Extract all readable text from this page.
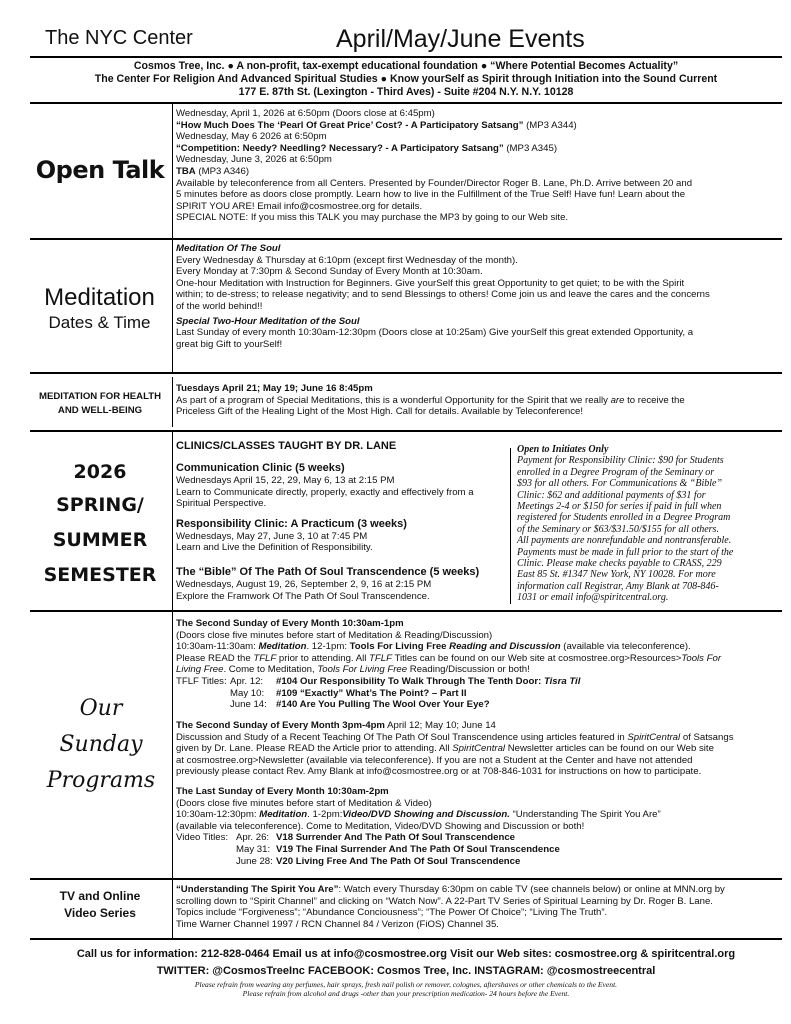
The NYC Center	April/May/June Events
Cosmos Tree, Inc. ● A non-profit, tax-exempt educational foundation ● “Where Potential Becomes Actuality”
The Center For Religion And Advanced Spiritual Studies ● Know yourSelf as Spirit through Initiation into the Sound Current
177 E. 87th St. (Lexington - Third Aves) - Suite #204 N.Y. N.Y. 10128
Open Talk
Wednesday, April 1, 2026 at 6:50pm (Doors close at 6:45pm)
“How Much Does The ‘Pearl Of Great Price’ Cost? - A Participatory Satsang” (MP3 A344)
Wednesday, May 6 2026 at 6:50pm
“Competition: Needy? Needling? Necessary? - A Participatory Satsang” (MP3 A345)
Wednesday, June 3, 2026 at 6:50pm
TBA (MP3 A346)
Available by teleconference from all Centers. Presented by Founder/Director Roger B. Lane, Ph.D. Arrive between 20 and
5 minutes before as doors close promptly. Learn how to live in the Fulfillment of the True Self! Have fun! Learn about the
SPIRIT YOU ARE! Email info@cosmostree.org for details.
SPECIAL NOTE: If you miss this TALK you may purchase the MP3 by going to our Web site.
Meditation
Dates & Time
Meditation Of The Soul
Every Wednesday & Thursday at 6:10pm (except first Wednesday of the month).
Every Monday at 7:30pm & Second Sunday of Every Month at 10:30am.
One-hour Meditation with Instruction for Beginners. Give yourSelf this great Opportunity to get quiet; to be with the Spirit
within; to de-stress; to release negativity; and to send Blessings to others! Come join us and leave the cares and the concerns
of the world behind!!
Special Two-Hour Meditation of the Soul
Last Sunday of every month 10:30am-12:30pm (Doors close at 10:25am) Give yourSelf this great extended Opportunity, a
great big Gift to yourSelf!
MEDITATION FOR HEALTH
AND WELL-BEING
Tuesdays April 21; May 19; June 16 8:45pm
As part of a program of Special Meditations, this is a wonderful Opportunity for the Spirit that we really are to receive the
Priceless Gift of the Healing Light of the Most High. Call for details. Available by Teleconference!
2026
SPRING/
SUMMER
SEMESTER
CLINICS/CLASSES TAUGHT BY DR. LANE
Communication Clinic (5 weeks)
Wednesdays April 15, 22, 29, May 6, 13 at 2:15 PM
Learn to Communicate directly, properly, exactly and effectively from a
Spiritual Perspective.
Responsibility Clinic: A Practicum (3 weeks)
Wednesdays, May 27, June 3, 10 at 7:45 PM
Learn and Live the Definition of Responsibility.
The “Bible” Of The Path Of Soul Transcendence (5 weeks)
Wednesdays, August 19, 26, September 2, 9, 16 at 2:15 PM
Explore the Framwork Of The Path Of Soul Transcendence.
Open to Initiates Only
Payment for Responsibility Clinic: $90 for Students
enrolled in a Degree Program of the Seminary or
$93 for all others. For Communications & “Bible”
Clinic: $62 and additional payments of $31 for
Meetings 2-4 or $150 for series if paid in full when
registered for Students enrolled in a Degree Program
of the Seminary or $63/$31.50/$155 for all others.
All payments are nonrefundable and nontransferable.
Payments must be made in full prior to the start of the
Clinic. Please make checks payable to CRASS, 229
East 85 St. #1347 New York, NY 10028. For more
information call Registrar, Amy Blank at 708-846-
1031 or email info@spiritcentral.org.
Our
Sunday
Programs
The Second Sunday of Every Month 10:30am-1pm
(Doors close five minutes before start of Meditation & Reading/Discussion)
10:30am-11:30am: Meditation. 12-1pm: Tools For Living Free Reading and Discussion (available via teleconference).
Please READ the TFLF prior to attending. All TFLF Titles can be found on our Web site at cosmostree.org>Resources>Tools For
Living Free. Come to Meditation, Tools For Living Free Reading/Discussion or both!
TFLF Titles: Apr. 12: #104 Our Responsibility To Walk Through The Tenth Door: Tisra Til
May 10: #109 “Exactly” What’s The Point? – Part II
June 14: #140 Are You Pulling The Wool Over Your Eye?
The Second Sunday of Every Month 3pm-4pm April 12; May 10; June 14
Discussion and Study of a Recent Teaching Of The Path Of Soul Transcendence using articles featured in SpiritCentral of Satsangs
given by Dr. Lane. Please READ the Article prior to attending. All SpiritCentral Newsletter articles can be found on our Web site
at cosmostree.org>Newsletter (available via teleconference). If you are not a Student at the Center and have not attended
previously please contact Rev. Amy Blank at info@cosmostree.org or at 708-846-1031 for instructions on how to participate.
The Last Sunday of Every Month 10:30am-2pm
(Doors close five minutes before start of Meditation & Video)
10:30am-12:30pm: Meditation. 1-2pm:Video/DVD Showing and Discussion. “Understanding The Spirit You Are”
(available via teleconference). Come to Meditation, Video/DVD Showing and Discussion or both!
Video Titles: Apr. 26: V18 Surrender And The Path Of Soul Transcendence
May 31: V19 The Final Surrender And The Path Of Soul Transcendence
June 28: V20 Living Free And The Path Of Soul Transcendence
TV and Online
Video Series
“Understanding The Spirit You Are”: Watch every Thursday 6:30pm on cable TV (see channels below) or online at MNN.org by
scrolling down to “Spirit Channel” and clicking on “Watch Now”. A 22-Part TV Series of Spiritual Learning by Dr. Roger B. Lane.
Topics include “Forgiveness”; “Abundance Conciousness”; “The Power Of Choice”; “Living The Truth”.
Time Warner Channel 1997 / RCN Channel 84 / Verizon (FiOS) Channel 35.
Call us for information: 212-828-0464 Email us at info@cosmostree.org Visit our Web sites: cosmostree.org & spiritcentral.org
TWITTER: @CosmosTreeInc FACEBOOK: Cosmos Tree, Inc. INSTAGRAM: @cosmostreecentral
Please refrain from wearing any perfumes, hair sprays, fresh nail polish or remover, colognes, aftershaves or other chemicals to the Event.
Please refrain from alcohol and drugs -other than your prescription medication- 24 hours before the Event.
